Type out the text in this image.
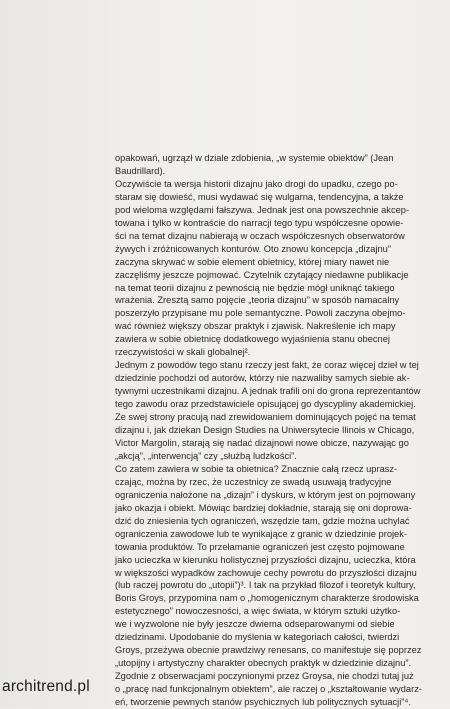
opakowań, ugrzązł w dziale zdobienia, „w systemie obiektów” (Jean
Baudrillard).

Oczywiście ta wersja historii dizajnu jako drogi do upadku, czego po-
starам się dowieść, musi wydawać się wulgarna, tendencyjna, a także
pod wieloma względami fałszywa. Jednak jest ona powszechnie akcep-
towana i tylko w kontraście do narracji tego typu współczesne opowie-
ści na temat dizajnu nabierają w oczach współczesnych obserwatorów
żywych i zróżnicowanych konturów. Oto znowu koncepcja „dizajnu”
zaczyna skrywać w sobie element obietnicy, której miary nawet nie
zaczęliśmy jeszcze pojmować. Czytelnik czytający niedawne publikacje
na temat teorii dizajnu z pewnością nie będzie mógł uniknąć takiego
wrażenia. Zresztą samo pojęcie „teoria dizajnu” w sposób namacalny
poszerzyło przypisane mu pole semantyczne. Powoli zaczyna obejmo-
wać również większy obszar praktyk i zjawisk. Nakreślenie ich mapy
zawiera w sobie obietnicę dodatkowego wyjaśnienia stanu obecnej
rzeczywistości w skali globalnej².

Jednym z powodów tego stanu rzeczy jest fakt, że coraz więcej dzieł w tej
dziedzinie pochodzi od autorów, którzy nie nazwaliby samych siebie ak-
tywnymi uczestnikami dizajnu. A jednak trafili oni do grona reprezentantów
tego zawodu oraz przedstawiciele opisującej go dyscypliny akademickiej.
Ze swej strony pracują nad zrewidowaniem dominujących pojęć na temat
dizajnu i, jak dziekan Design Studies na Uniwersytecie Ilinois w Chicago,
Victor Margolin, starają się nadać dizajnowi nowe obicze, nazywając go
„akcją”, „interwencją” czy „służbą ludzkości”.

Co zatem zawiera w sobie ta obietnica? Znacznie całą rzecz uprasz-
czając, można by rzec, że uczestnicy ze swadą usuwają tradycyjne
ograniczenia nałożone na „dizajn” i dyskurs, w którym jest on pojmowany
jako okazja i obiekt. Mówiąc bardziej dokładnie, starają się oni doprowa-
dzić do zniesienia tych ograniczeń, wszędzie tam, gdzie można uchylać
ograniczenia zawodowe lub te wynikające z granic w dziedzinie projek-
towania produktów. To przełamanie ograniczeń jest często pojmowane
jako ucieczka w kierunku holistycznej przyszłości dizajnu, ucieczka, która
w większości wypadków zachowuje cechy powrotu do przyszłości dizajnu
(lub raczej powrotu do „utopii”)³. I tak na przykład filozof i teoretyk kultury,
Boris Groys, przypomina nam o „homogenicznym charakterze środowiska
estetycznego” nowoczesności, a więc świata, w którym sztuki użytko-
we i wyzwolone nie były jeszcze dwiema odseparowanymi od siebie
dziedzinami. Upodobanie do myślenia w kategoriach całości, twierdzi
Groys, przeżywa obecnie prawdziwy renesans, co manifestuje się poprzez
„utopijny i artystyczny charakter obecnych praktyk w dziedzinie dizajnu”.
Zgodnie z obserwacjami poczynionymi przez Groysa, nie chodzi tutaj już
o „pracę nad funkcjonalnym obiektem”, ale raczej o „kształtowanie wydarz-
eń, tworzenie pewnych stanów psychicznych lub politycznych sytuacji”⁴.

architrend.pl
